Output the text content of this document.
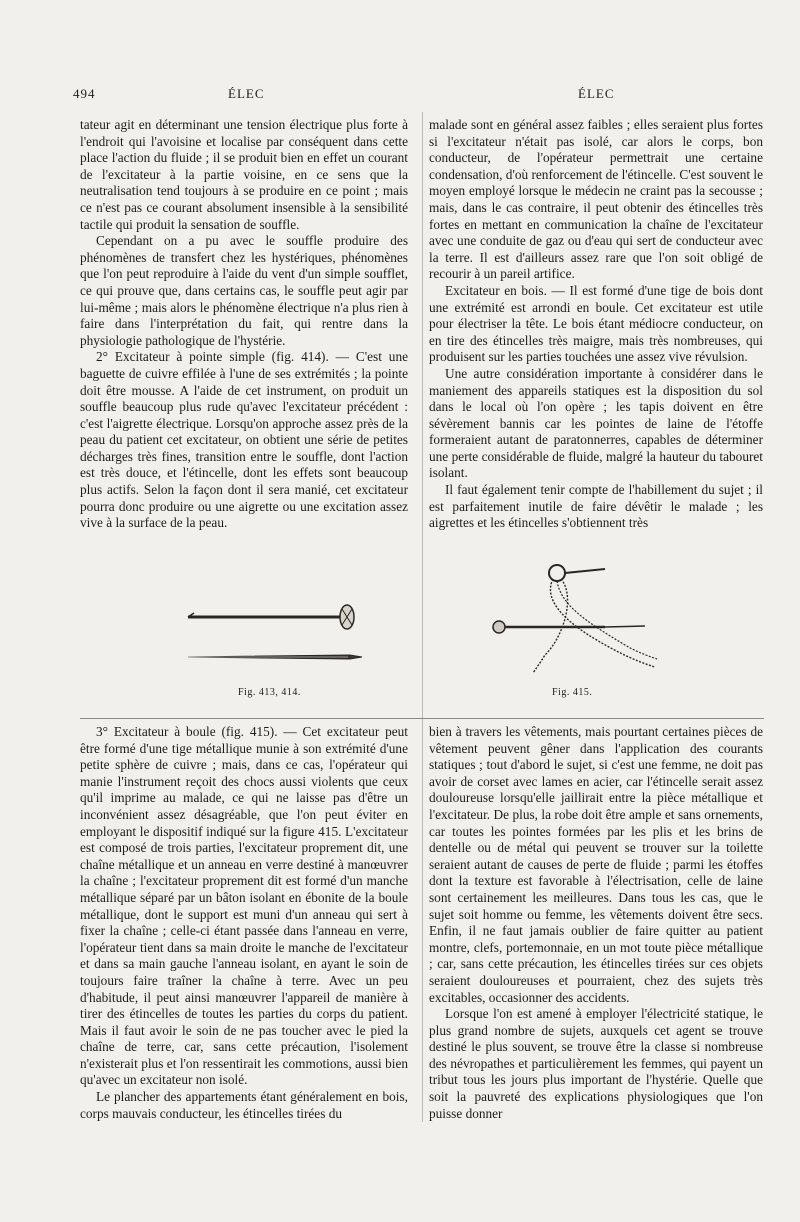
494	ÉLEC	ÉLEC

tateur agit en déterminant une tension électrique plus forte à l'endroit qui l'avoisine et localise par conséquent dans cette place l'action du fluide ; il se produit bien en effet un courant de l'excitateur à la partie voisine, en ce sens que la neutralisation tend toujours à se produire en ce point ; mais ce n'est pas ce courant absolument insensible à la sensibilité tactile qui produit la sensation de souffle.

Cependant on a pu avec le souffle produire des phénomènes de transfert chez les hystériques, phénomènes que l'on peut reproduire à l'aide du vent d'un simple soufflet, ce qui prouve que, dans certains cas, le souffle peut agir par lui-même ; mais alors le phénomène électrique n'a plus rien à faire dans l'interprétation du fait, qui rentre dans la physiologie pathologique de l'hystérie.

2° Excitateur à pointe simple (fig. 414). — C'est une baguette de cuivre effilée à l'une de ses extrémités ; la pointe doit être mousse. A l'aide de cet instrument, on produit un souffle beaucoup plus rude qu'avec l'excitateur précédent : c'est l'aigrette électrique. Lorsqu'on approche assez près de la peau du patient cet excitateur, on obtient une série de petites décharges très fines, transition entre le souffle, dont l'action est très douce, et l'étincelle, dont les effets sont beaucoup plus actifs. Selon la façon dont il sera manié, cet excitateur pourra donc produire ou une aigrette ou une excitation assez vive à la surface de la peau.

malade sont en général assez faibles ; elles seraient plus fortes si l'excitateur n'était pas isolé, car alors le corps, bon conducteur, de l'opérateur permettrait une certaine condensation, d'où renforcement de l'étincelle. C'est souvent le moyen employé lorsque le médecin ne craint pas la secousse ; mais, dans le cas contraire, il peut obtenir des étincelles très fortes en mettant en communication la chaîne de l'excitateur avec une conduite de gaz ou d'eau qui sert de conducteur avec la terre. Il est d'ailleurs assez rare que l'on soit obligé de recourir à un pareil artifice.

Excitateur en bois. — Il est formé d'une tige de bois dont une extrémité est arrondi en boule. Cet excitateur est utile pour électriser la tête. Le bois étant médiocre conducteur, on en tire des étincelles très maigre, mais très nombreuses, qui produisent sur les parties touchées une assez vive révulsion.

Une autre considération importante à considérer dans le maniement des appareils statiques est la disposition du sol dans le local où l'on opère ; les tapis doivent en être sévèrement bannis car les pointes de laine de l'étoffe formeraient autant de paratonnerres, capables de déterminer une perte considérable de fluide, malgré la hauteur du tabouret isolant.

Il faut également tenir compte de l'habillement du sujet ; il est parfaitement inutile de faire dévêtir le malade ; les aigrettes et les étincelles s'obtiennent très

Fig. 413, 414.	Fig. 415.

3° Excitateur à boule (fig. 415). — Cet excitateur peut être formé d'une tige métallique munie à son extrémité d'une petite sphère de cuivre ; mais, dans ce cas, l'opérateur qui manie l'instrument reçoit des chocs aussi violents que ceux qu'il imprime au malade, ce qui ne laisse pas d'être un inconvénient assez désagréable, que l'on peut éviter en employant le dispositif indiqué sur la figure 415. L'excitateur est composé de trois parties, l'excitateur proprement dit, une chaîne métallique et un anneau en verre destiné à manœuvrer la chaîne ; l'excitateur proprement dit est formé d'un manche métallique séparé par un bâton isolant en ébonite de la boule métallique, dont le support est muni d'un anneau qui sert à fixer la chaîne ; celle-ci étant passée dans l'anneau en verre, l'opérateur tient dans sa main droite le manche de l'excitateur et dans sa main gauche l'anneau isolant, en ayant le soin de toujours faire traîner la chaîne à terre. Avec un peu d'habitude, il peut ainsi manœuvrer l'appareil de manière à tirer des étincelles de toutes les parties du corps du patient. Mais il faut avoir le soin de ne pas toucher avec le pied la chaîne de terre, car, sans cette précaution, l'isolement n'existerait plus et l'on ressentirait les commotions, aussi bien qu'avec un excitateur non isolé.

Le plancher des appartements étant généralement en bois, corps mauvais conducteur, les étincelles tirées du

bien à travers les vêtements, mais pourtant certaines pièces de vêtement peuvent gêner dans l'application des courants statiques ; tout d'abord le sujet, si c'est une femme, ne doit pas avoir de corset avec lames en acier, car l'étincelle serait assez douloureuse lorsqu'elle jaillirait entre la pièce métallique et l'excitateur. De plus, la robe doit être ample et sans ornements, car toutes les pointes formées par les plis et les brins de dentelle ou de métal qui peuvent se trouver sur la toilette seraient autant de causes de perte de fluide ; parmi les étoffes dont la texture est favorable à l'électrisation, celle de laine sont certainement les meilleures. Dans tous les cas, que le sujet soit homme ou femme, les vêtements doivent être secs. Enfin, il ne faut jamais oublier de faire quitter au patient montre, clefs, portemonnaie, en un mot toute pièce métallique ; car, sans cette précaution, les étincelles tirées sur ces objets seraient douloureuses et pourraient, chez des sujets très excitables, occasionner des accidents.

Lorsque l'on est amené à employer l'électricité statique, le plus grand nombre de sujets, auxquels cet agent se trouve destiné le plus souvent, se trouve être la classe si nombreuse des névropathes et particulièrement les femmes, qui payent un tribut tous les jours plus important de l'hystérie. Quelle que soit la pauvreté des explications physiologiques que l'on puisse donner
